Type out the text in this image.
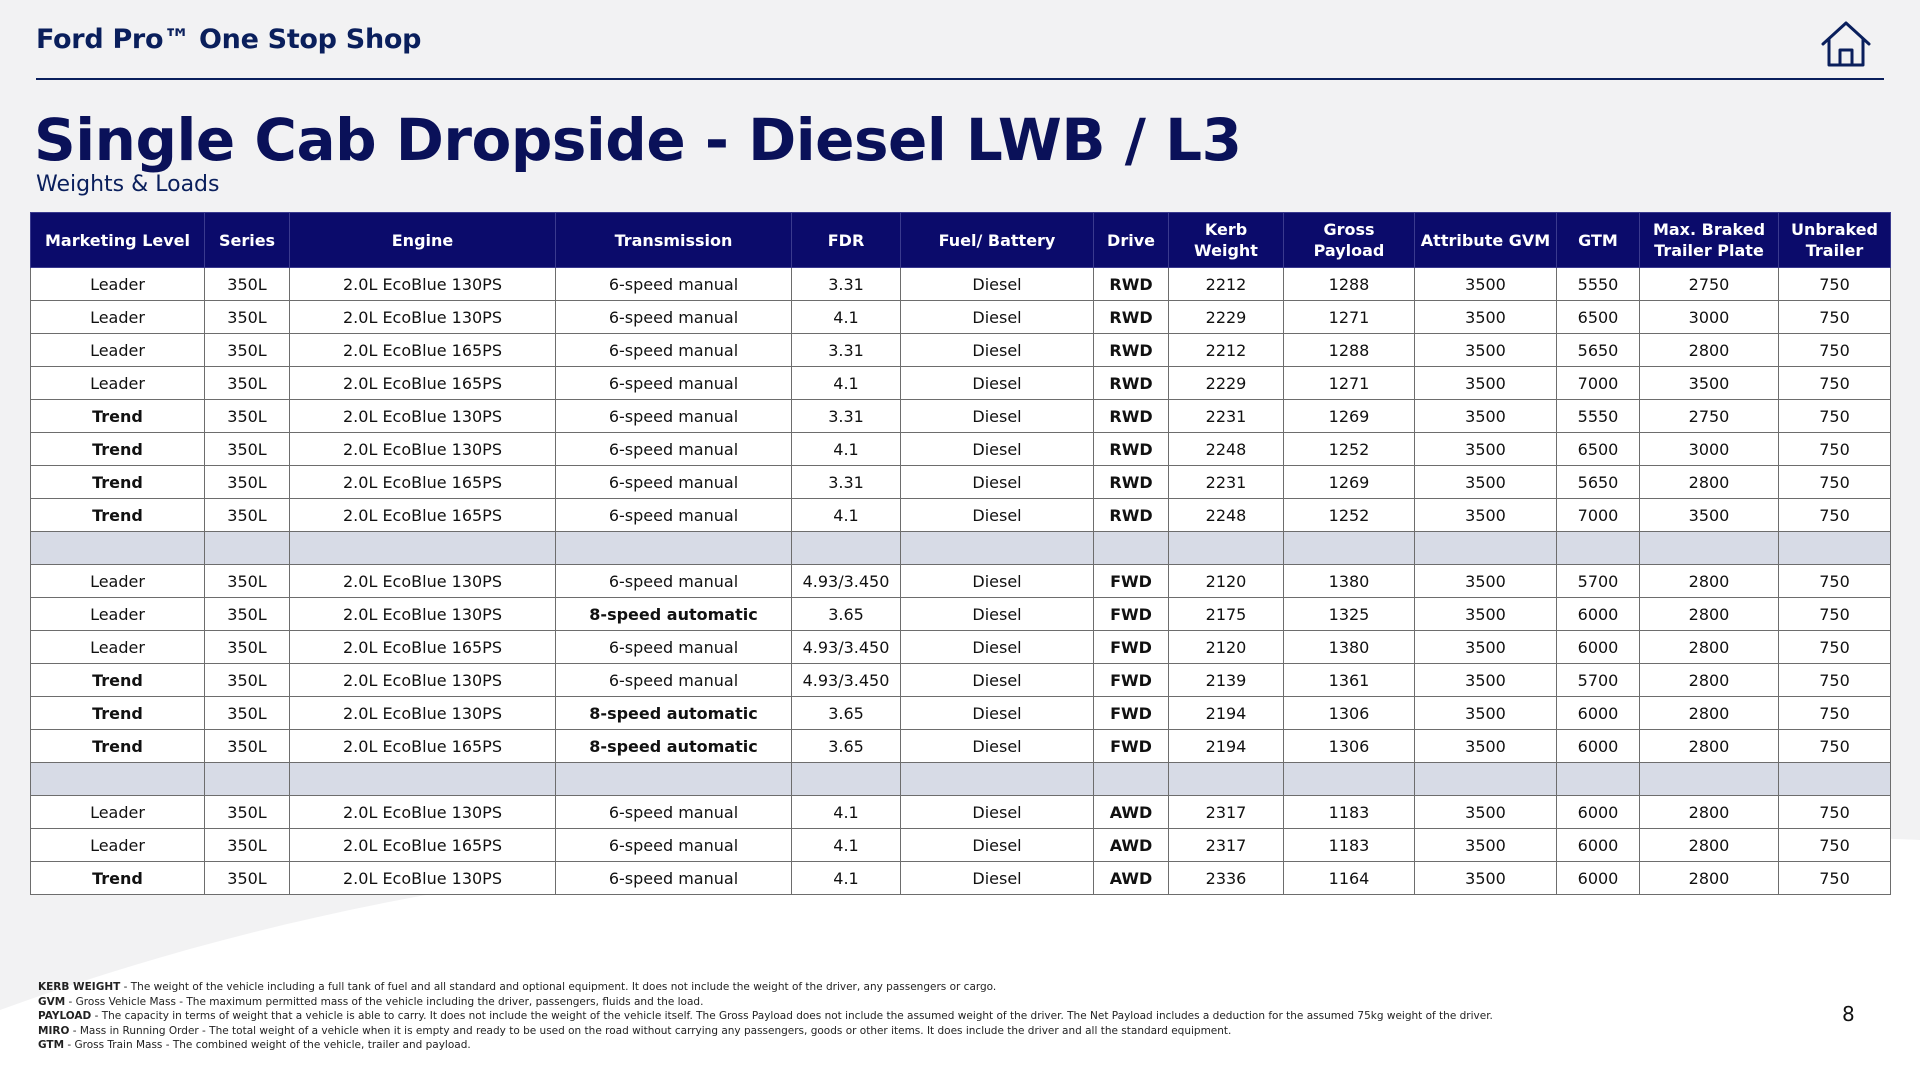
Ford Pro™ One Stop Shop
Single Cab Dropside - Diesel LWB / L3
Weights & Loads
Marketing Level	Series	Engine	Transmission	FDR	Fuel/ Battery	Drive	Kerb Weight	Gross Payload	Attribute GVM	GTM	Max. Braked Trailer Plate	Unbraked Trailer
Leader	350L	2.0L EcoBlue 130PS	6-speed manual	3.31	Diesel	RWD	2212	1288	3500	5550	2750	750
Leader	350L	2.0L EcoBlue 130PS	6-speed manual	4.1	Diesel	RWD	2229	1271	3500	6500	3000	750
Leader	350L	2.0L EcoBlue 165PS	6-speed manual	3.31	Diesel	RWD	2212	1288	3500	5650	2800	750
Leader	350L	2.0L EcoBlue 165PS	6-speed manual	4.1	Diesel	RWD	2229	1271	3500	7000	3500	750
Trend	350L	2.0L EcoBlue 130PS	6-speed manual	3.31	Diesel	RWD	2231	1269	3500	5550	2750	750
Trend	350L	2.0L EcoBlue 130PS	6-speed manual	4.1	Diesel	RWD	2248	1252	3500	6500	3000	750
Trend	350L	2.0L EcoBlue 165PS	6-speed manual	3.31	Diesel	RWD	2231	1269	3500	5650	2800	750
Trend	350L	2.0L EcoBlue 165PS	6-speed manual	4.1	Diesel	RWD	2248	1252	3500	7000	3500	750

Leader	350L	2.0L EcoBlue 130PS	6-speed manual	4.93/3.450	Diesel	FWD	2120	1380	3500	5700	2800	750
Leader	350L	2.0L EcoBlue 130PS	8-speed automatic	3.65	Diesel	FWD	2175	1325	3500	6000	2800	750
Leader	350L	2.0L EcoBlue 165PS	6-speed manual	4.93/3.450	Diesel	FWD	2120	1380	3500	6000	2800	750
Trend	350L	2.0L EcoBlue 130PS	6-speed manual	4.93/3.450	Diesel	FWD	2139	1361	3500	5700	2800	750
Trend	350L	2.0L EcoBlue 130PS	8-speed automatic	3.65	Diesel	FWD	2194	1306	3500	6000	2800	750
Trend	350L	2.0L EcoBlue 165PS	8-speed automatic	3.65	Diesel	FWD	2194	1306	3500	6000	2800	750

Leader	350L	2.0L EcoBlue 130PS	6-speed manual	4.1	Diesel	AWD	2317	1183	3500	6000	2800	750
Leader	350L	2.0L EcoBlue 165PS	6-speed manual	4.1	Diesel	AWD	2317	1183	3500	6000	2800	750
Trend	350L	2.0L EcoBlue 130PS	6-speed manual	4.1	Diesel	AWD	2336	1164	3500	6000	2800	750
KERB WEIGHT - The weight of the vehicle including a full tank of fuel and all standard and optional equipment. It does not include the weight of the driver, any passengers or cargo.
GVM - Gross Vehicle Mass - The maximum permitted mass of the vehicle including the driver, passengers, fluids and the load.
PAYLOAD - The capacity in terms of weight that a vehicle is able to carry. It does not include the weight of the vehicle itself. The Gross Payload does not include the assumed weight of the driver. The Net Payload includes a deduction for the assumed 75kg weight of the driver.
MIRO - Mass in Running Order - The total weight of a vehicle when it is empty and ready to be used on the road without carrying any passengers, goods or other items. It does include the driver and all the standard equipment.
GTM - Gross Train Mass - The combined weight of the vehicle, trailer and payload.
8
